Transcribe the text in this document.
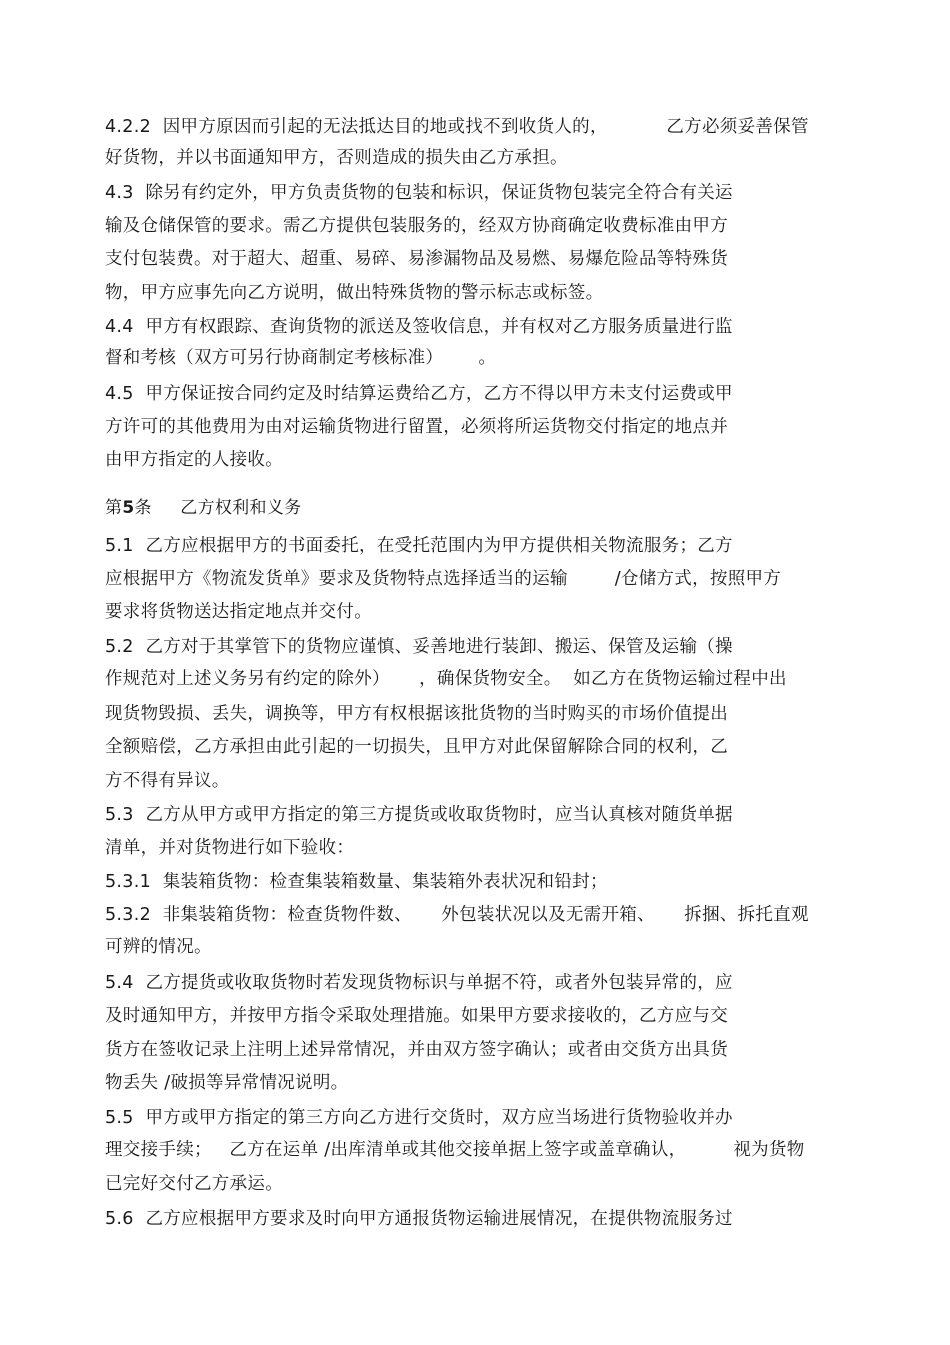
4.2.2  因甲方原因而引起的无法抵达目的地或找不到收货人的，          乙方必须妥善保管
好货物，并以书面通知甲方，否则造成的损失由乙方承担。
4.3  除另有约定外，甲方负责货物的包装和标识，保证货物包装完全符合有关运
输及仓储保管的要求。需乙方提供包装服务的，经双方协商确定收费标准由甲方
支付包装费。对于超大、超重、易碎、易渗漏物品及易燃、易爆危险品等特殊货
物，甲方应事先向乙方说明，做出特殊货物的警示标志或标签。
4.4  甲方有权跟踪、查询货物的派送及签收信息，并有权对乙方服务质量进行监
督和考核（双方可另行协商制定考核标准）      。
4.5  甲方保证按合同约定及时结算运费给乙方，乙方不得以甲方未支付运费或甲
方许可的其他费用为由对运输货物进行留置，必须将所运货物交付指定的地点并
由甲方指定的人接收。
第5条     乙方权利和义务
5.1  乙方应根据甲方的书面委托，在受托范围内为甲方提供相关物流服务；乙方
应根据甲方《物流发货单》要求及货物特点选择适当的运输        /仓储方式，按照甲方
要求将货物送达指定地点并交付。
5.2  乙方对于其掌管下的货物应谨慎、妥善地进行装卸、搬运、保管及运输（操
作规范对上述义务另有约定的除外）     ，确保货物安全。  如乙方在货物运输过程中出
现货物毁损、丢失，调换等，甲方有权根据该批货物的当时购买的市场价值提出
全额赔偿，乙方承担由此引起的一切损失，且甲方对此保留解除合同的权利，乙
方不得有异议。
5.3  乙方从甲方或甲方指定的第三方提货或收取货物时，应当认真核对随货单据
清单，并对货物进行如下验收：
5.3.1  集装箱货物：检查集装箱数量、集装箱外表状况和铅封；
5.3.2  非集装箱货物：检查货物件数、     外包装状况以及无需开箱、     拆捆、拆托直观
可辨的情况。
5.4  乙方提货或收取货物时若发现货物标识与单据不符，或者外包装异常的，应
及时通知甲方，并按甲方指令采取处理措施。如果甲方要求接收的，乙方应与交
货方在签收记录上注明上述异常情况，并由双方签字确认；或者由交货方出具货
物丢失 /破损等异常情况说明。
5.5  甲方或甲方指定的第三方向乙方进行交货时，双方应当场进行货物验收并办
理交接手续；   乙方在运单 /出库清单或其他交接单据上签字或盖章确认，        视为货物
已完好交付乙方承运。
5.6  乙方应根据甲方要求及时向甲方通报货物运输进展情况，在提供物流服务过
